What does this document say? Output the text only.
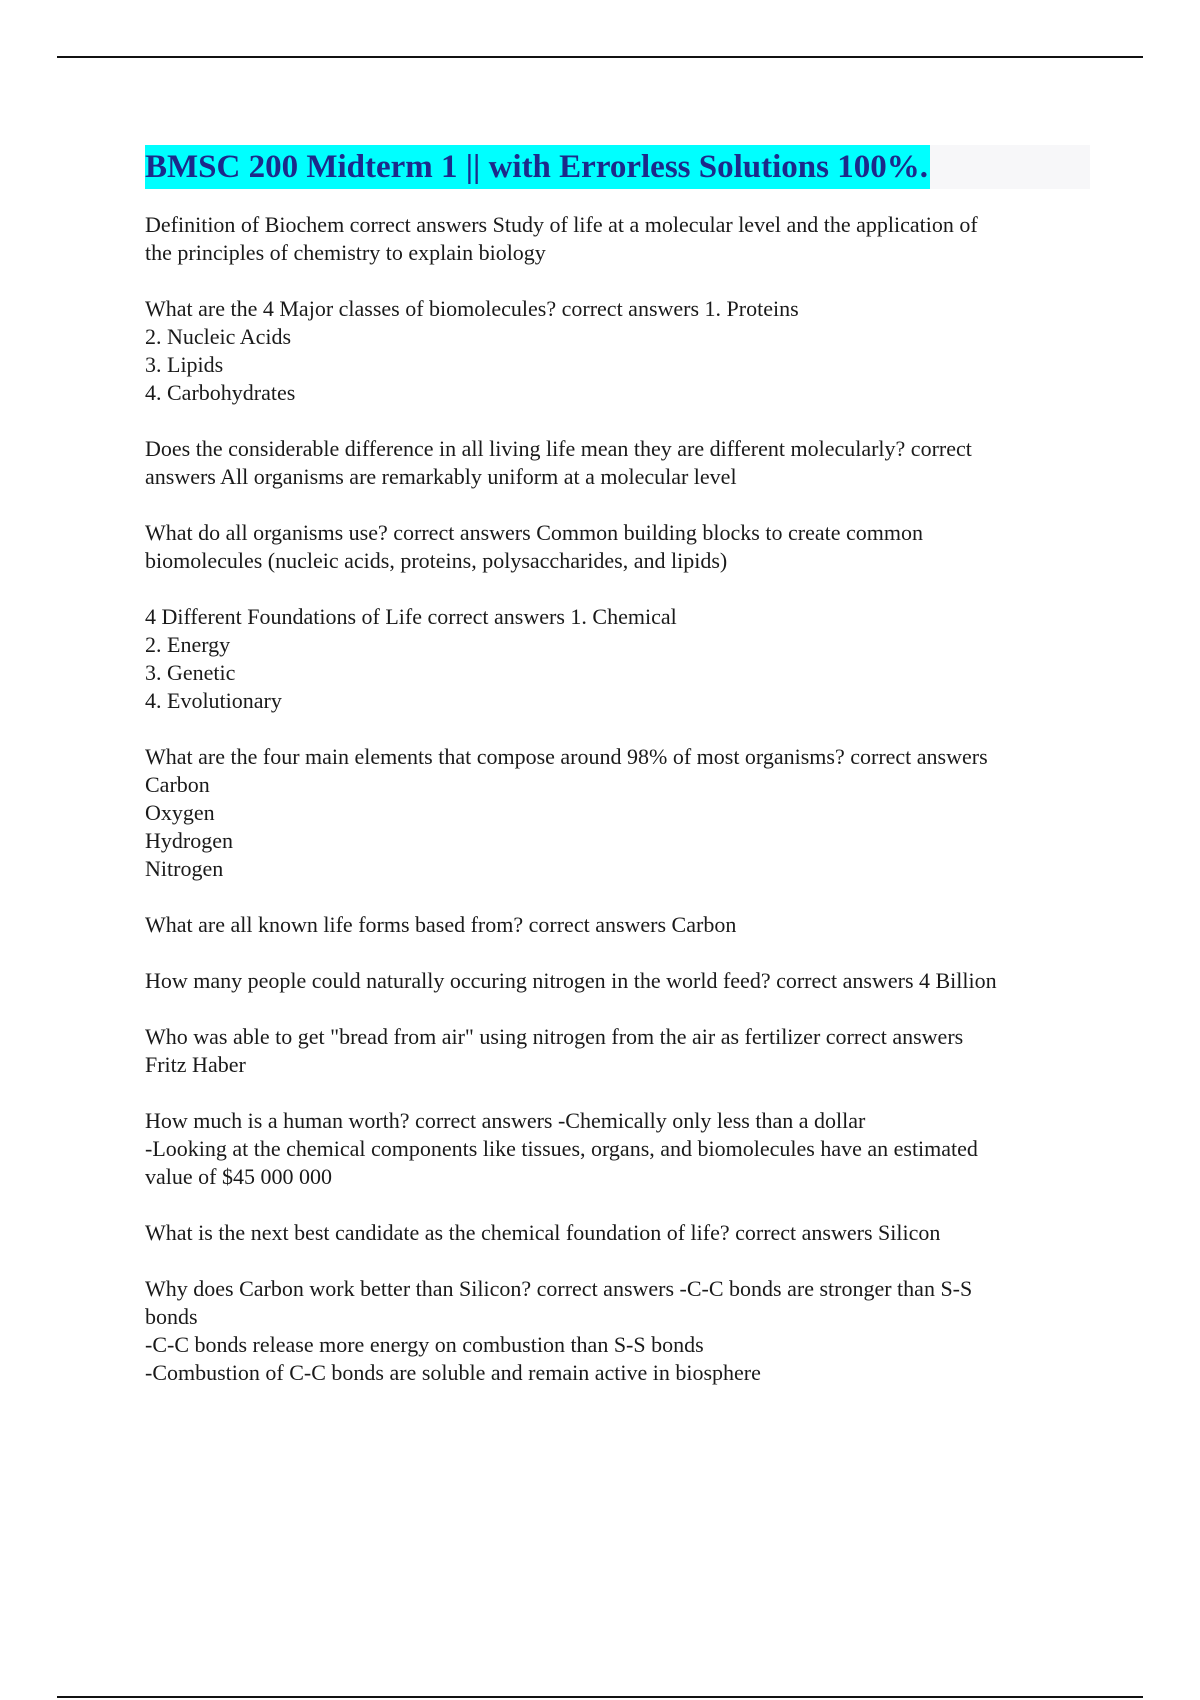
BMSC 200 Midterm 1 || with Errorless Solutions 100%.
Definition of Biochem correct answers Study of life at a molecular level and the application of
the principles of chemistry to explain biology
What are the 4 Major classes of biomolecules? correct answers 1. Proteins
2. Nucleic Acids
3. Lipids
4. Carbohydrates
Does the considerable difference in all living life mean they are different molecularly? correct
answers All organisms are remarkably uniform at a molecular level
What do all organisms use? correct answers Common building blocks to create common
biomolecules (nucleic acids, proteins, polysaccharides, and lipids)
4 Different Foundations of Life correct answers 1. Chemical
2. Energy
3. Genetic
4. Evolutionary
What are the four main elements that compose around 98% of most organisms? correct answers
Carbon
Oxygen
Hydrogen
Nitrogen
What are all known life forms based from? correct answers Carbon
How many people could naturally occuring nitrogen in the world feed? correct answers 4 Billion
Who was able to get "bread from air" using nitrogen from the air as fertilizer correct answers
Fritz Haber
How much is a human worth? correct answers -Chemically only less than a dollar
-Looking at the chemical components like tissues, organs, and biomolecules have an estimated
value of $45 000 000
What is the next best candidate as the chemical foundation of life? correct answers Silicon
Why does Carbon work better than Silicon? correct answers -C-C bonds are stronger than S-S
bonds
-C-C bonds release more energy on combustion than S-S bonds
-Combustion of C-C bonds are soluble and remain active in biosphere
